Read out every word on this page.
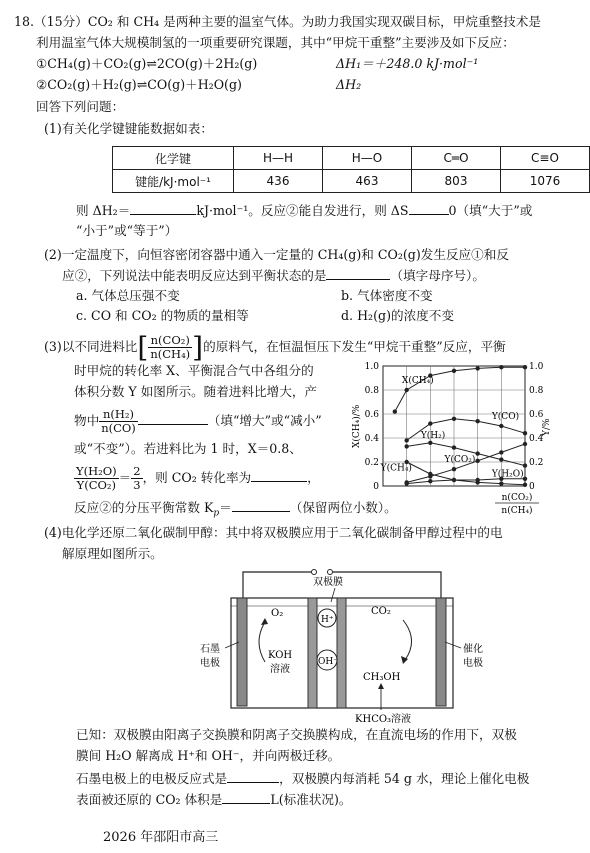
18.（15分）CO₂ 和 CH₄ 是两种主要的温室气体。为助力我国实现双碳目标，甲烷重整技术是
利用温室气体大规模制氢的一项重要研究课题，其中“甲烷干重整”主要涉及如下反应：
①CH₄(g)＋CO₂(g)⇌2CO(g)＋2H₂(g)	ΔH₁＝＋248.0 kJ·mol⁻¹
②CO₂(g)＋H₂(g)⇌CO(g)＋H₂O(g)	ΔH₂
回答下列问题：
(1)有关化学键键能数据如表：
化学键	H—H	H—O	C═O	C≡O
键能/kJ·mol⁻¹	436	463	803	1076
则 ΔH₂＝	kJ·mol⁻¹。反应②能自发进行，则 ΔS	0（填“大于”或
“小于”或“等于”）
(2)一定温度下，向恒容密闭容器中通入一定量的 CH₄(g)和 CO₂(g)发生反应①和反
应②，下列说法中能表明反应达到平衡状态的是	（填字母序号）。
a. 气体总压强不变	b. 气体密度不变
c. CO 和 CO₂ 的物质的量相等	d. H₂(g)的浓度不变
(3)以不同进料比[ $\frac{\text{n(CO₂)}}{\text{n(CH₄)}}$ ]的原料气，在恒温恒压下发生“甲烷干重整”反应，平衡
时甲烷的转化率 X、平衡混合气中各组分的
体积分数 Y 如图所示。随着进料比增大，产
物中 $\frac{\text{n(H₂)}}{n(CO)}$	（填“增大”或“减小”
或“不变”）。若进料比为 1 时，X＝0.8、
$\frac{\text{Y(H₂O)}}{\text{Y(CO₂)}} = \frac{2}{3}$ ，则 CO₂ 转化率为	，
反应②的分压平衡常数 $K_p=$	（保留两位小数）。
0	0
0.2	0.2
0.4	0.4
0.6	0.6
0.8	0.8
1.0	1.0
X(CH₄)/%	Y/%
n(CO₂)
n(CH₄)
X(CH₄)
Y(CO)
Y(H₂)
Y(CO₂)
Y(CH₄)
Y(H₂O)
(4)电化学还原二氧化碳制甲醇：其中将双极膜应用于二氧化碳制备甲醇过程中的电
解原理如图所示。
双极膜
H⁺
OH⁻
石墨
电极
催化
电极
O₂
KOH
溶液
CO₂
CH₃OH
KHCO₃溶液
已知：双极膜由阳离子交换膜和阴离子交换膜构成，在直流电场的作用下，双极
膜间 H₂O 解离成 H⁺和 OH⁻，并向两极迁移。
石墨电极上的电极反应式是	，双极膜内每消耗 54 g 水，理论上催化电极
表面被还原的 CO₂ 体积是	L(标准状况)。
2026 年邵阳市高三
